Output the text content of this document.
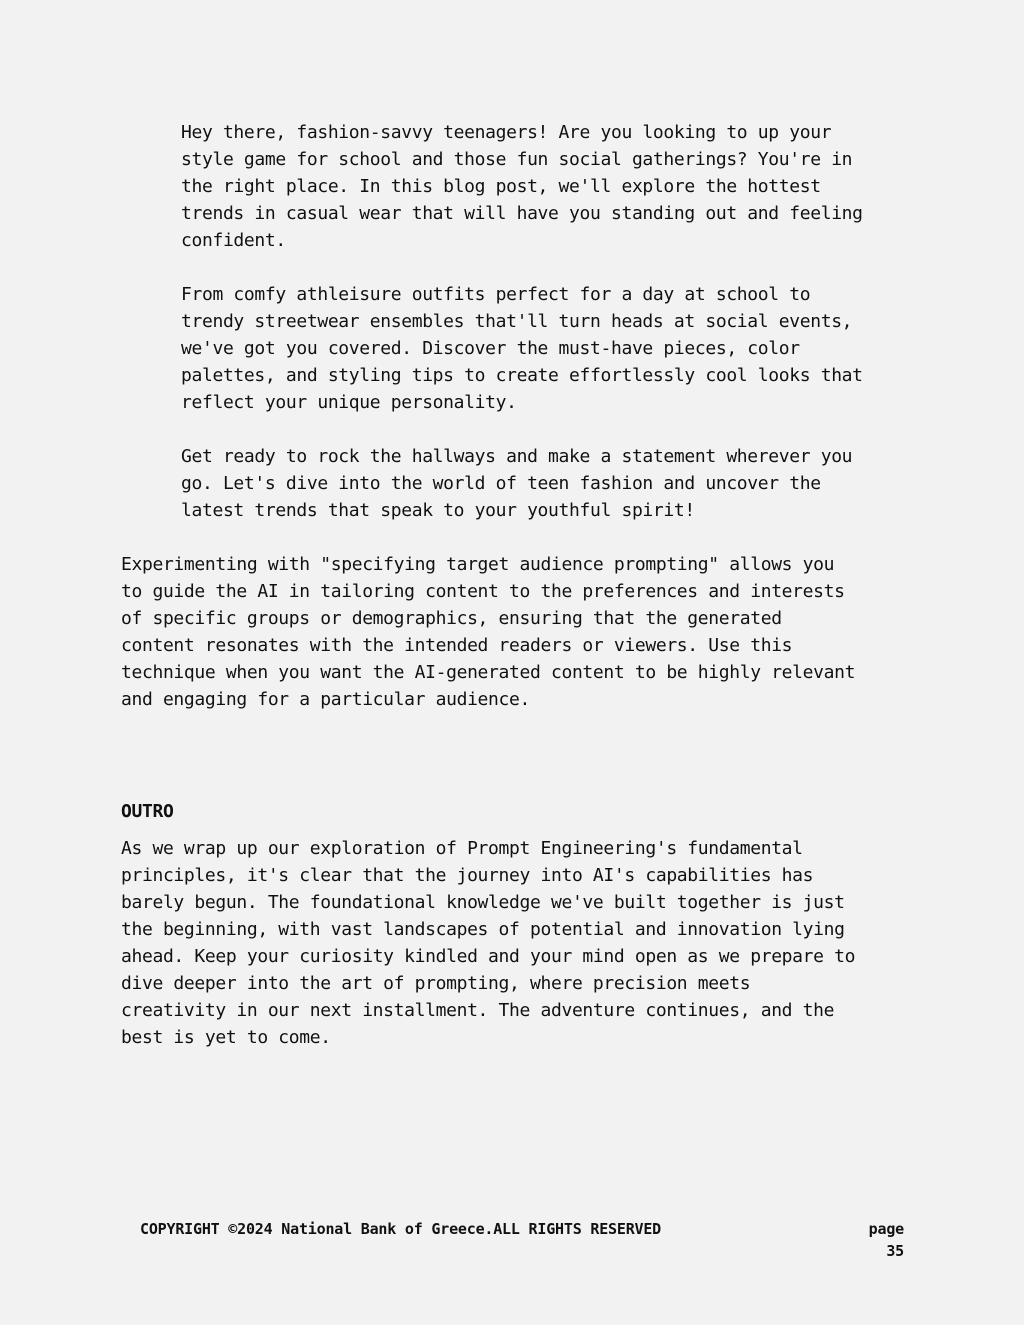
Hey there, fashion-savvy teenagers! Are you looking to up your
style game for school and those fun social gatherings? You're in
the right place. In this blog post, we'll explore the hottest
trends in casual wear that will have you standing out and feeling
confident.

From comfy athleisure outfits perfect for a day at school to
trendy streetwear ensembles that'll turn heads at social events,
we've got you covered. Discover the must-have pieces, color
palettes, and styling tips to create effortlessly cool looks that
reflect your unique personality.

Get ready to rock the hallways and make a statement wherever you
go. Let's dive into the world of teen fashion and uncover the
latest trends that speak to your youthful spirit!

Experimenting with "specifying target audience prompting" allows you
to guide the AI in tailoring content to the preferences and interests
of specific groups or demographics, ensuring that the generated
content resonates with the intended readers or viewers. Use this
technique when you want the AI-generated content to be highly relevant
and engaging for a particular audience.

OUTRO

As we wrap up our exploration of Prompt Engineering's fundamental
principles, it's clear that the journey into AI's capabilities has
barely begun. The foundational knowledge we've built together is just
the beginning, with vast landscapes of potential and innovation lying
ahead. Keep your curiosity kindled and your mind open as we prepare to
dive deeper into the art of prompting, where precision meets
creativity in our next installment. The adventure continues, and the
best is yet to come.

COPYRIGHT ©2024 National Bank of Greece.ALL RIGHTS RESERVED	page
35
